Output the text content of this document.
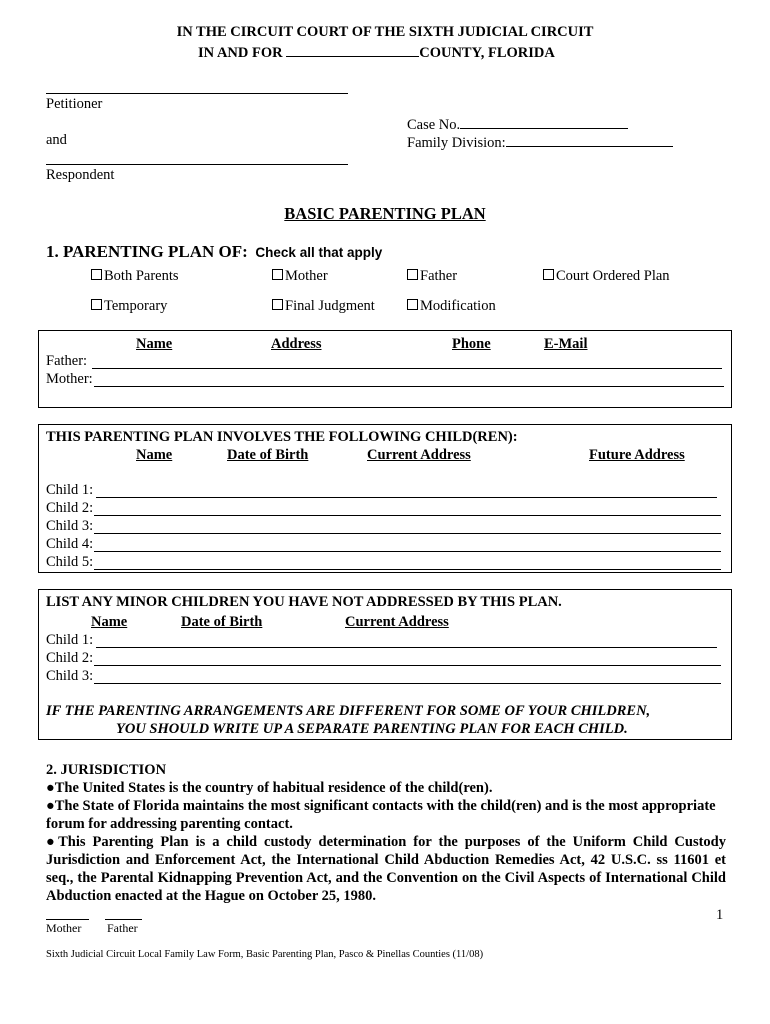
IN THE CIRCUIT COURT OF THE SIXTH JUDICIAL CIRCUIT
IN AND FOR	COUNTY, FLORIDA
Petitioner
and
Respondent
Case No.
Family Division:
BASIC PARENTING PLAN
1. PARENTING PLAN OF: Check all that apply
Both Parents	Mother	Father	Court Ordered Plan
Temporary	Final Judgment	Modification
Name	Address	Phone	E-Mail
Father:
Mother:
THIS PARENTING PLAN INVOLVES THE FOLLOWING CHILD(REN):
Name	Date of Birth	Current Address	Future Address
Child 1:
Child 2:
Child 3:
Child 4:
Child 5:
LIST ANY MINOR CHILDREN YOU HAVE NOT ADDRESSED BY THIS PLAN.
Name	Date of Birth	Current Address
Child 1:
Child 2:
Child 3:
IF THE PARENTING ARRANGEMENTS ARE DIFFERENT FOR SOME OF YOUR CHILDREN,
YOU SHOULD WRITE UP A SEPARATE PARENTING PLAN FOR EACH CHILD.
2. JURISDICTION
●The United States is the country of habitual residence of the child(ren).
●The State of Florida maintains the most significant contacts with the child(ren) and is the most appropriate forum for addressing parenting contact.
●This Parenting Plan is a child custody determination for the purposes of the Uniform Child Custody Jurisdiction and Enforcement Act, the International Child Abduction Remedies Act, 42 U.S.C. ss 11601 et seq., the Parental Kidnapping Prevention Act, and the Convention on the Civil Aspects of International Child Abduction enacted at the Hague on October 25, 1980.
1
Mother Father
Sixth Judicial Circuit Local Family Law Form, Basic Parenting Plan, Pasco & Pinellas Counties (11/08)
